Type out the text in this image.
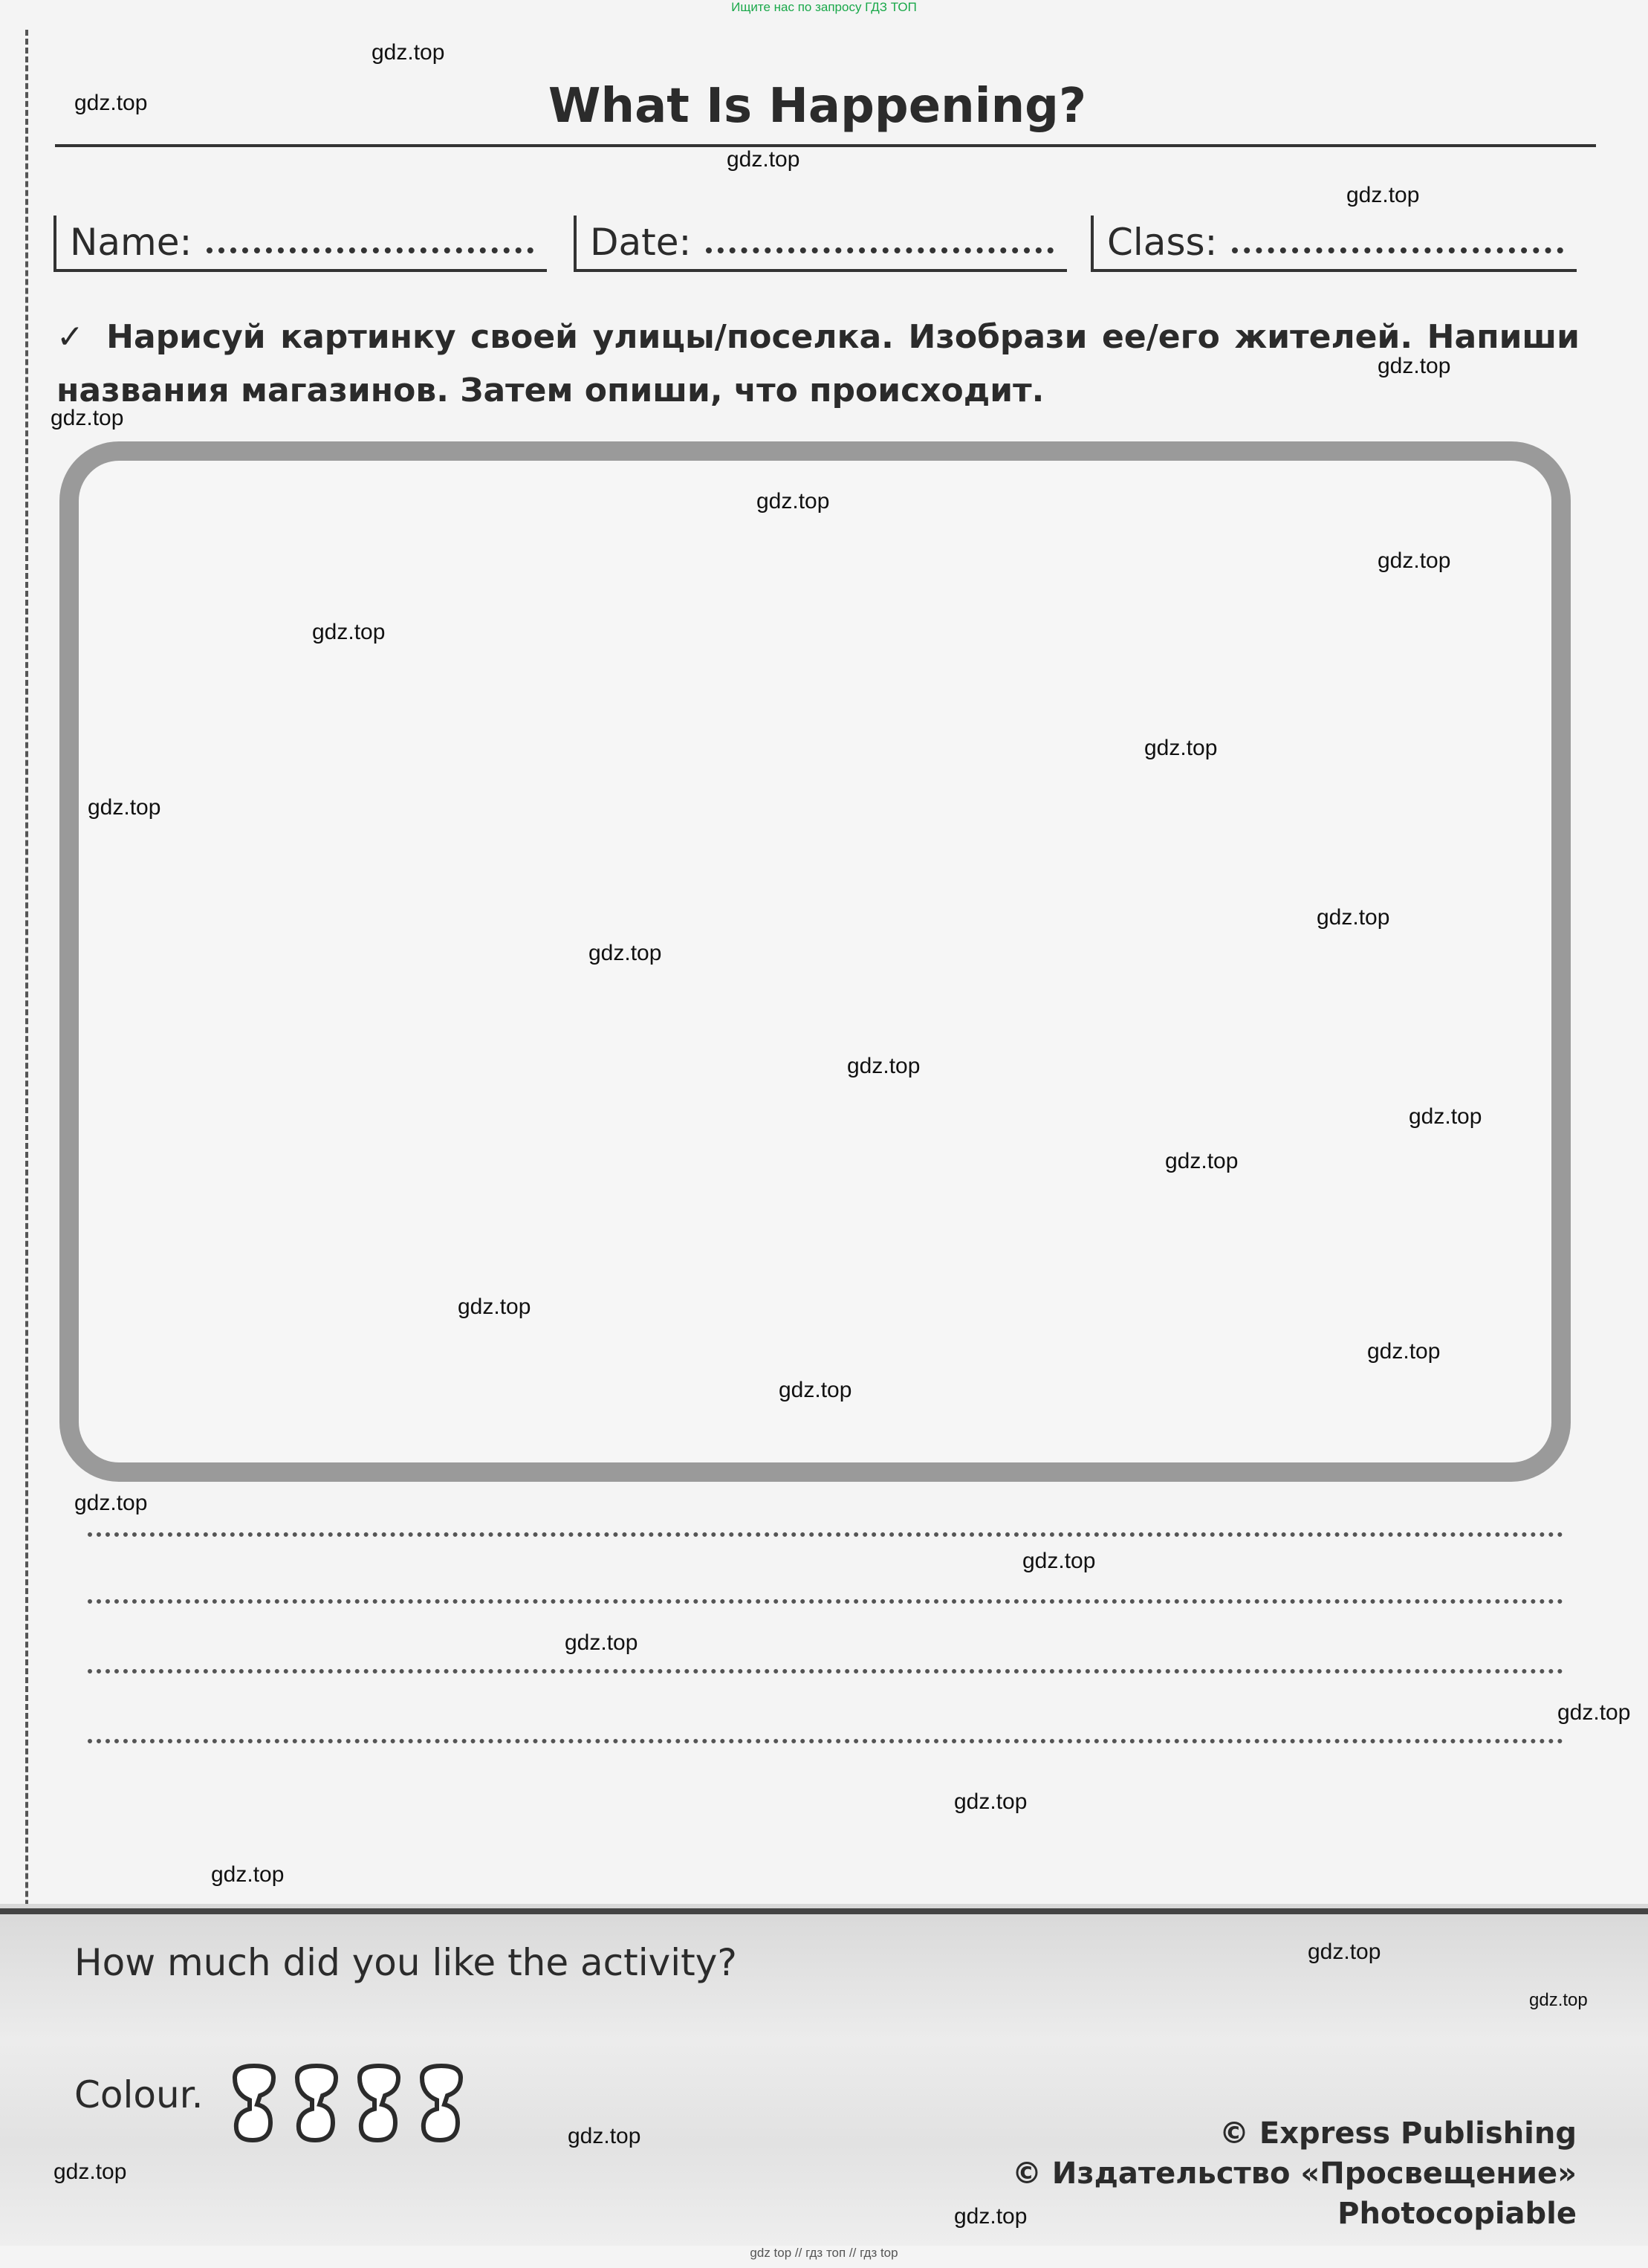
Ищите нас по запросу ГДЗ ТОП
What Is Happening?
Name:	Date:	Class:
✓ Нарисуй картинку своей улицы/поселка. Изобрази ее/его жителей. Напиши названия магазинов. Затем опиши, что происходит.
How much did you like the activity?
Colour.
© Express Publishing
© Издательство «Просвещение»
Photocopiable
gdz top // гдз топ // гдз top
gdz.top
gdz.top
gdz.top
gdz.top
gdz.top
gdz.top
gdz.top
gdz.top
gdz.top
gdz.top
gdz.top
gdz.top
gdz.top
gdz.top
gdz.top
gdz.top
gdz.top
gdz.top
gdz.top
gdz.top
gdz.top
gdz.top
gdz.top
gdz.top
gdz.top
gdz.top
gdz.top
gdz.top
gdz.top
gdz.top
